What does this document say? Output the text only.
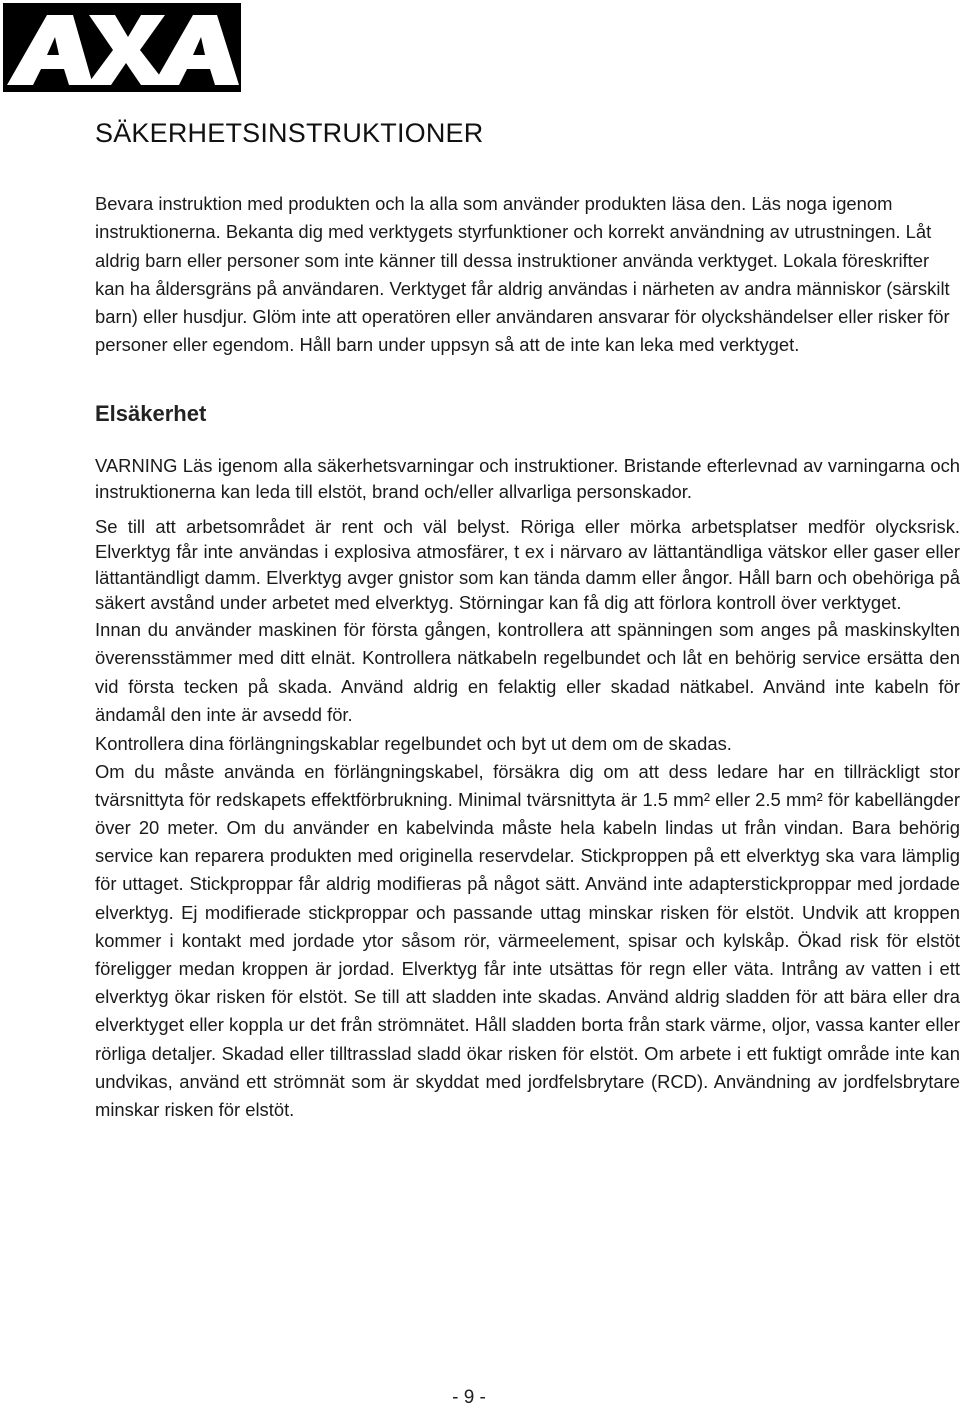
SÄKERHETSINSTRUKTIONER

Bevara instruktion med produkten och la alla som använder produkten läsa den. Läs noga igenom instruktionerna. Bekanta dig med verktygets styrfunktioner och korrekt användning av utrustningen. Låt aldrig barn eller personer som inte känner till dessa instruktioner använda verktyget. Lokala föreskrifter kan ha åldersgräns på användaren. Verktyget får aldrig användas i närheten av andra människor (särskilt barn) eller husdjur. Glöm inte att operatören eller användaren ansvarar för olyckshändelser eller risker för personer eller egendom. Håll barn under uppsyn så att de inte kan leka med verktyget.

Elsäkerhet

VARNING Läs igenom alla säkerhetsvarningar och instruktioner. Bristande efterlevnad av varningarna och instruktionerna kan leda till elstöt, brand och/eller allvarliga personskador.

Se till att arbetsområdet är rent och väl belyst. Röriga eller mörka arbetsplatser medför olycksrisk. Elverktyg får inte användas i explosiva atmosfärer, t ex i närvaro av lättantändliga vätskor eller gaser eller lättantändligt damm. Elverktyg avger gnistor som kan tända damm eller ångor. Håll barn och obehöriga på säkert avstånd under arbetet med elverktyg. Störningar kan få dig att förlora kontroll över verktyget.

Innan du använder maskinen för första gången, kontrollera att spänningen som anges på maskinskylten överensstämmer med ditt elnät. Kontrollera nätkabeln regelbundet och låt en behörig service ersätta den vid första tecken på skada. Använd aldrig en felaktig eller skadad nätkabel. Använd inte kabeln för ändamål den inte är avsedd för.

Kontrollera dina förlängningskablar regelbundet och byt ut dem om de skadas.

Om du måste använda en förlängningskabel, försäkra dig om att dess ledare har en tillräckligt stor tvärsnittyta för redskapets effektförbrukning. Minimal tvärsnittyta är 1.5 mm² eller 2.5 mm² för kabellängder över 20 meter. Om du använder en kabelvinda måste hela kabeln lindas ut från vindan. Bara behörig service kan reparera produkten med originella reservdelar. Stickproppen på ett elverktyg ska vara lämplig för uttaget. Stickproppar får aldrig modifieras på något sätt. Använd inte adapterstickproppar med jordade elverktyg. Ej modifierade stickproppar och passande uttag minskar risken för elstöt. Undvik att kroppen kommer i kontakt med jordade ytor såsom rör, värmeelement, spisar och kylskåp. Ökad risk för elstöt föreligger medan kroppen är jordad. Elverktyg får inte utsättas för regn eller väta. Intrång av vatten i ett elverktyg ökar risken för elstöt. Se till att sladden inte skadas. Använd aldrig sladden för att bära eller dra elverktyget eller koppla ur det från strömnätet. Håll sladden borta från stark värme, oljor, vassa kanter eller rörliga detaljer. Skadad eller tilltrasslad sladd ökar risken för elstöt. Om arbete i ett fuktigt område inte kan undvikas, använd ett strömnät som är skyddat med jordfelsbrytare (RCD). Användning av jordfelsbrytare minskar risken för elstöt.

- 9 -
